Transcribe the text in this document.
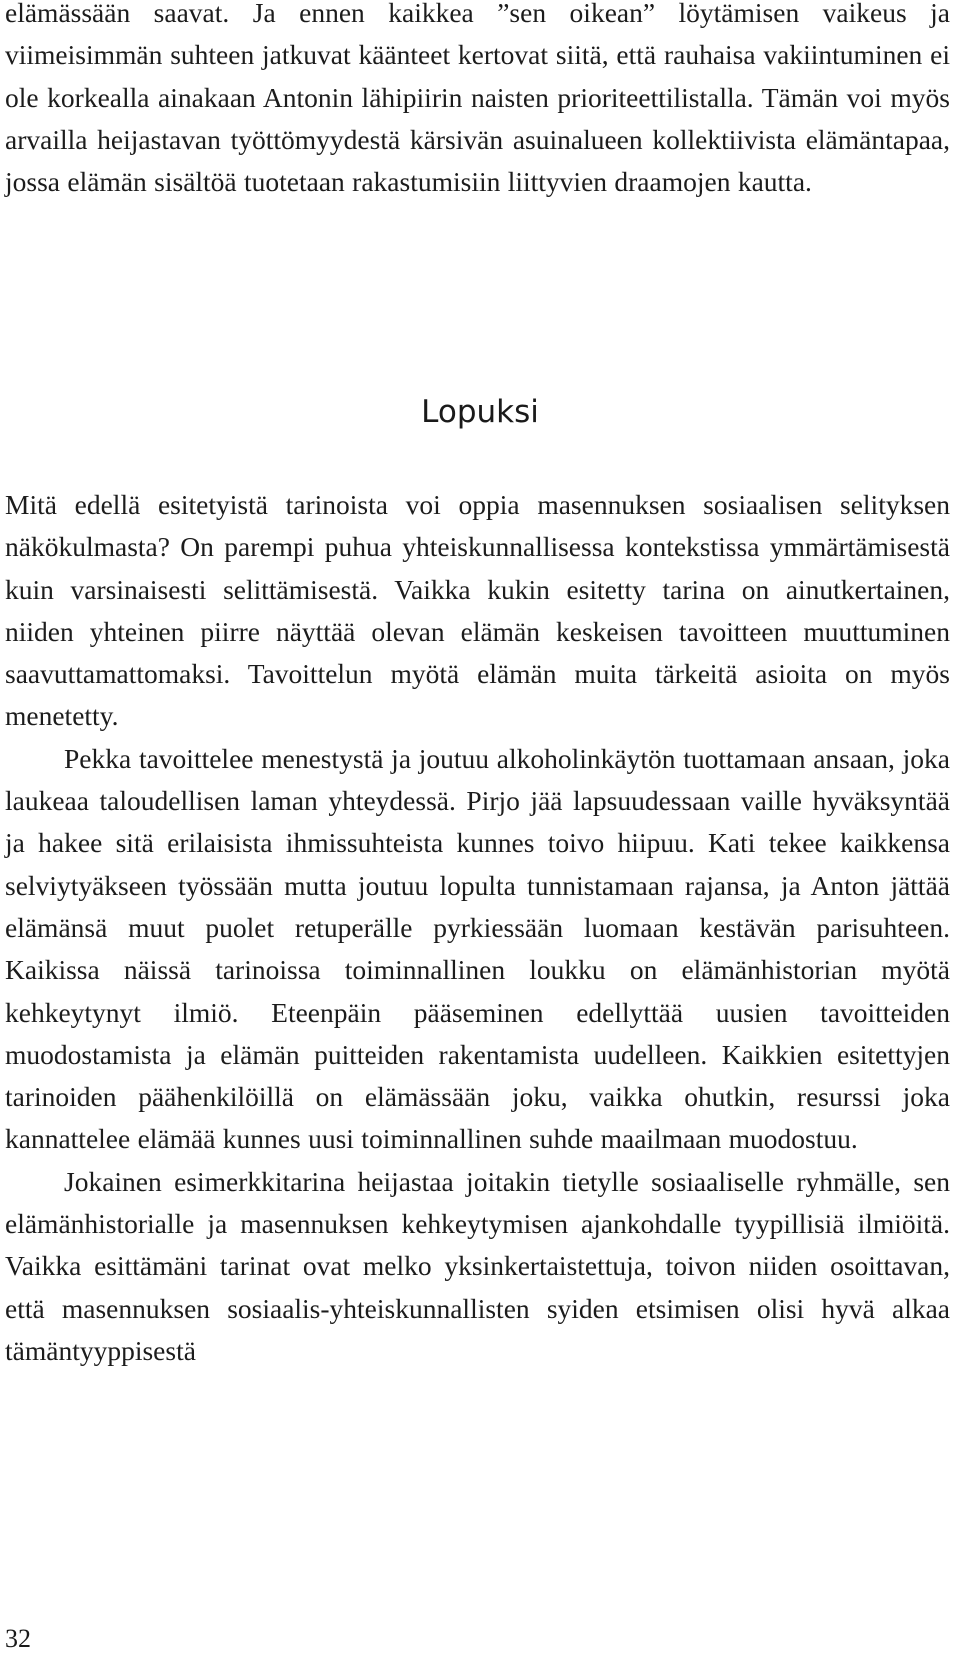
elämässään saavat. Ja ennen kaikkea ”sen oikean” löytämisen vaikeus ja viimeisimmän suhteen jatkuvat käänteet kertovat siitä, että rauhaisa vakiintuminen ei ole korkealla ainakaan Antonin lähipiirin naisten prioriteettilistalla. Tämän voi myös arvailla heijastavan työttömyydestä kärsivän asuinalueen kollektiivista elämäntapaa, jossa elämän sisältöä tuotetaan rakastumisiin liittyvien draamojen kautta.

Lopuksi

Mitä edellä esitetyistä tarinoista voi oppia masennuksen sosiaalisen selityksen näkökulmasta? On parempi puhua yhteiskunnallisessa kontekstissa ymmärtämisestä kuin varsinaisesti selittämisestä. Vaikka kukin esitetty tarina on ainutkertainen, niiden yhteinen piirre näyttää olevan elämän keskeisen tavoitteen muuttuminen saavuttamattomaksi. Tavoittelun myötä elämän muita tärkeitä asioita on myös menetetty.

Pekka tavoittelee menestystä ja joutuu alkoholinkäytön tuottamaan ansaan, joka laukeaa taloudellisen laman yhteydessä. Pirjo jää lapsuudessaan vaille hyväksyntää ja hakee sitä erilaisista ihmissuhteista kunnes toivo hiipuu. Kati tekee kaikkensa selviytyäkseen työssään mutta joutuu lopulta tunnistamaan rajansa, ja Anton jättää elämänsä muut puolet retuperälle pyrkiessään luomaan kestävän parisuhteen. Kaikissa näissä tarinoissa toiminnallinen loukku on elämänhistorian myötä kehkeytynyt ilmiö. Eteenpäin pääseminen edellyttää uusien tavoitteiden muodostamista ja elämän puitteiden rakentamista uudelleen. Kaikkien esitettyjen tarinoiden päähenkilöillä on elämässään joku, vaikka ohutkin, resurssi joka kannattelee elämää kunnes uusi toiminnallinen suhde maailmaan muodostuu.

Jokainen esimerkkitarina heijastaa joitakin tietylle sosiaaliselle ryhmälle, sen elämänhistorialle ja masennuksen kehkeytymisen ajankohdalle tyypillisiä ilmiöitä. Vaikka esittämäni tarinat ovat melko yksinkertaistettuja, toivon niiden osoittavan, että masennuksen sosiaalis-yhteiskunnallisten syiden etsimisen olisi hyvä alkaa tämäntyyppisestä

32
